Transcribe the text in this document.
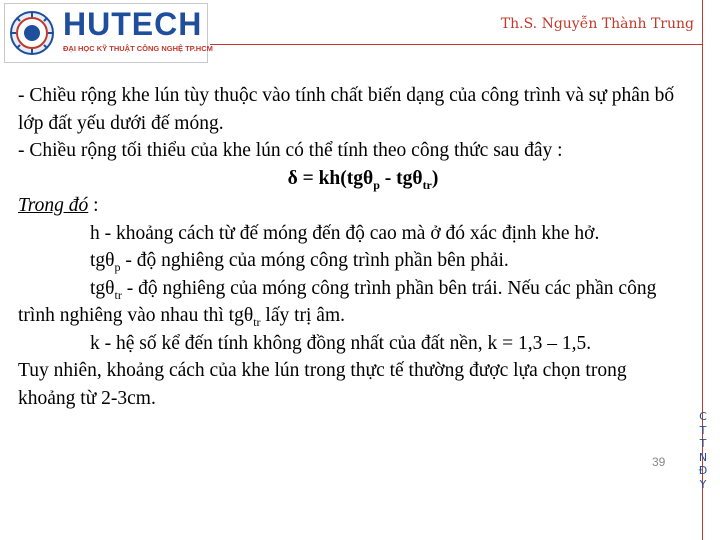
HUTECH
ĐẠI HỌC KỸ THUẬT CÔNG NGHỆ TP.HCM
Th.S. Nguyễn Thành Trung
C
T
T
N
Đ
Y

- Chiều rộng khe lún tùy thuộc vào tính chất biến dạng của công trình và sự phân bố lớp đất yếu dưới đế móng.

- Chiều rộng tối thiểu của khe lún có thể tính theo công thức sau đây :

δ = kh(tgθ$_p$ - tgθ$_{tr}$)

Trong đó :

h - khoảng cách từ đế móng đến độ cao mà ở đó xác định khe hở.

tgθ$_p$ - độ nghiêng của móng công trình phần bên phải.

tgθ$_{tr}$ - độ nghiêng của móng công trình phần bên trái. Nếu các phần công trình nghiêng vào nhau thì tgθ$_{tr}$ lấy trị âm.

k - hệ số kể đến tính không đồng nhất của đất nền, k = 1,3 – 1,5.

Tuy nhiên, khoảng cách của khe lún trong thực tế thường được lựa chọn trong khoảng từ 2-3cm.

39
